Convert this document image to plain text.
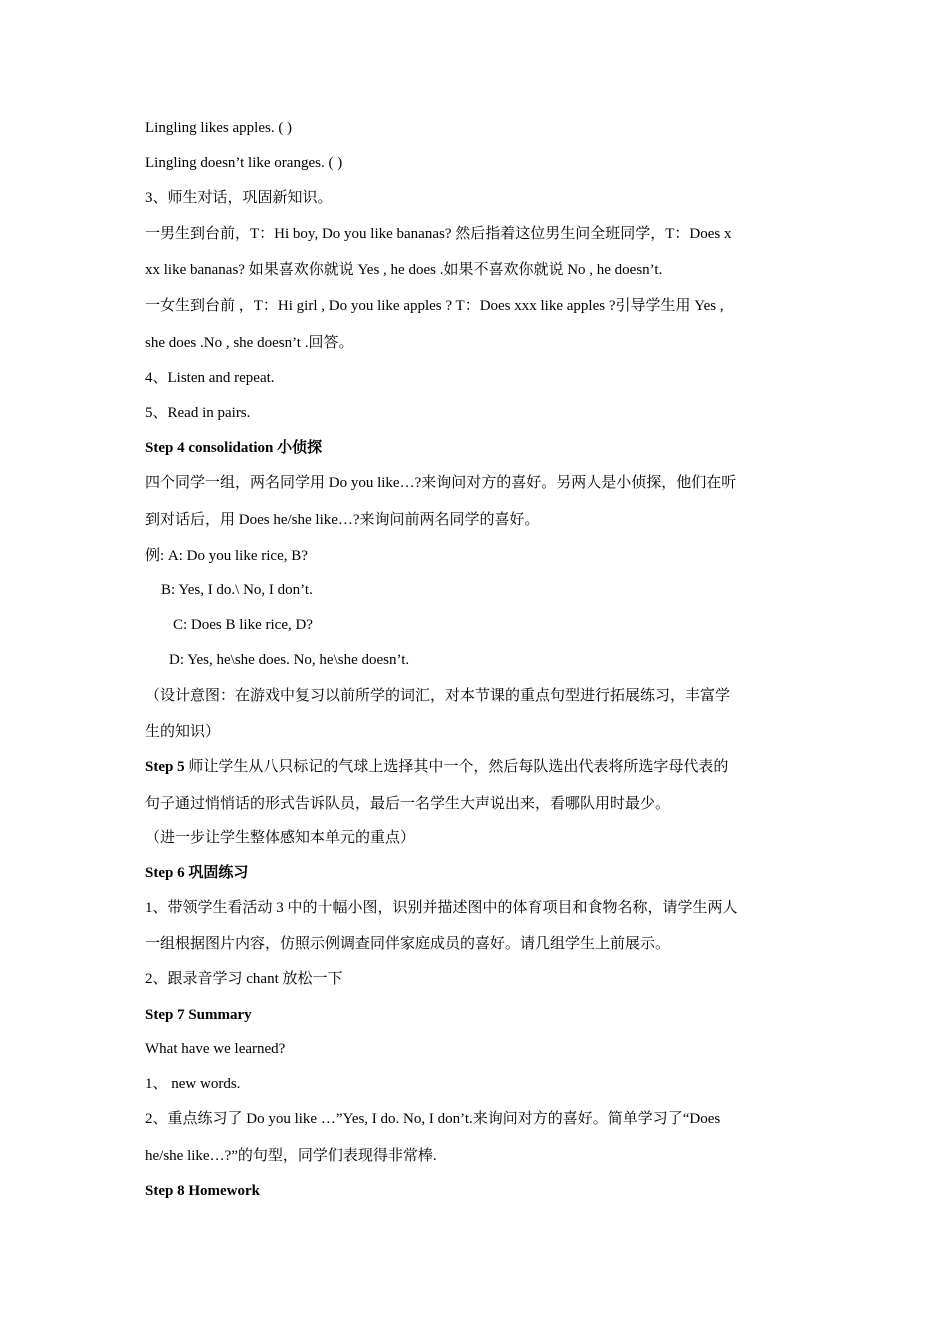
Lingling likes apples. ( )
Lingling doesn’t like oranges. ( )
3、师生对话，巩固新知识。
一男生到台前，T：Hi boy, Do you like bananas? 然后指着这位男生问全班同学，T：Does x
xx like bananas? 如果喜欢你就说 Yes , he does .如果不喜欢你就说 No , he doesn’t.
一女生到台前 ，T：Hi girl , Do you like apples ? T：Does xxx like apples ?引导学生用 Yes ,
she does .No , she doesn’t .回答。
4、Listen and repeat.
5、Read in pairs.
Step 4 consolidation 小侦探
四个同学一组，两名同学用 Do you like…?来询问对方的喜好。另两人是小侦探，他们在听
到对话后，用 Does he/she like…?来询问前两名同学的喜好。
例: A: Do you like rice, B?
B: Yes, I do.\ No, I don’t.
C: Does B like rice, D?
D: Yes, he\she does. No, he\she doesn’t.
（设计意图：在游戏中复习以前所学的词汇，对本节课的重点句型进行拓展练习，丰富学
生的知识）
Step 5 师让学生从八只标记的气球上选择其中一个，然后每队选出代表将所选字母代表的
句子通过悄悄话的形式告诉队员，最后一名学生大声说出来，看哪队用时最少。
（进一步让学生整体感知本单元的重点）
Step 6 巩固练习
1、带领学生看活动 3 中的十幅小图，识别并描述图中的体育项目和食物名称，请学生两人
一组根据图片内容，仿照示例调查同伴家庭成员的喜好。请几组学生上前展示。
2、跟录音学习 chant 放松一下
Step 7 Summary
What have we learned?
1、 new words.
2、重点练习了 Do you like …”Yes, I do. No, I don’t.来询问对方的喜好。简单学习了“Does
he/she like…?”的句型，同学们表现得非常棒.
Step 8 Homework
